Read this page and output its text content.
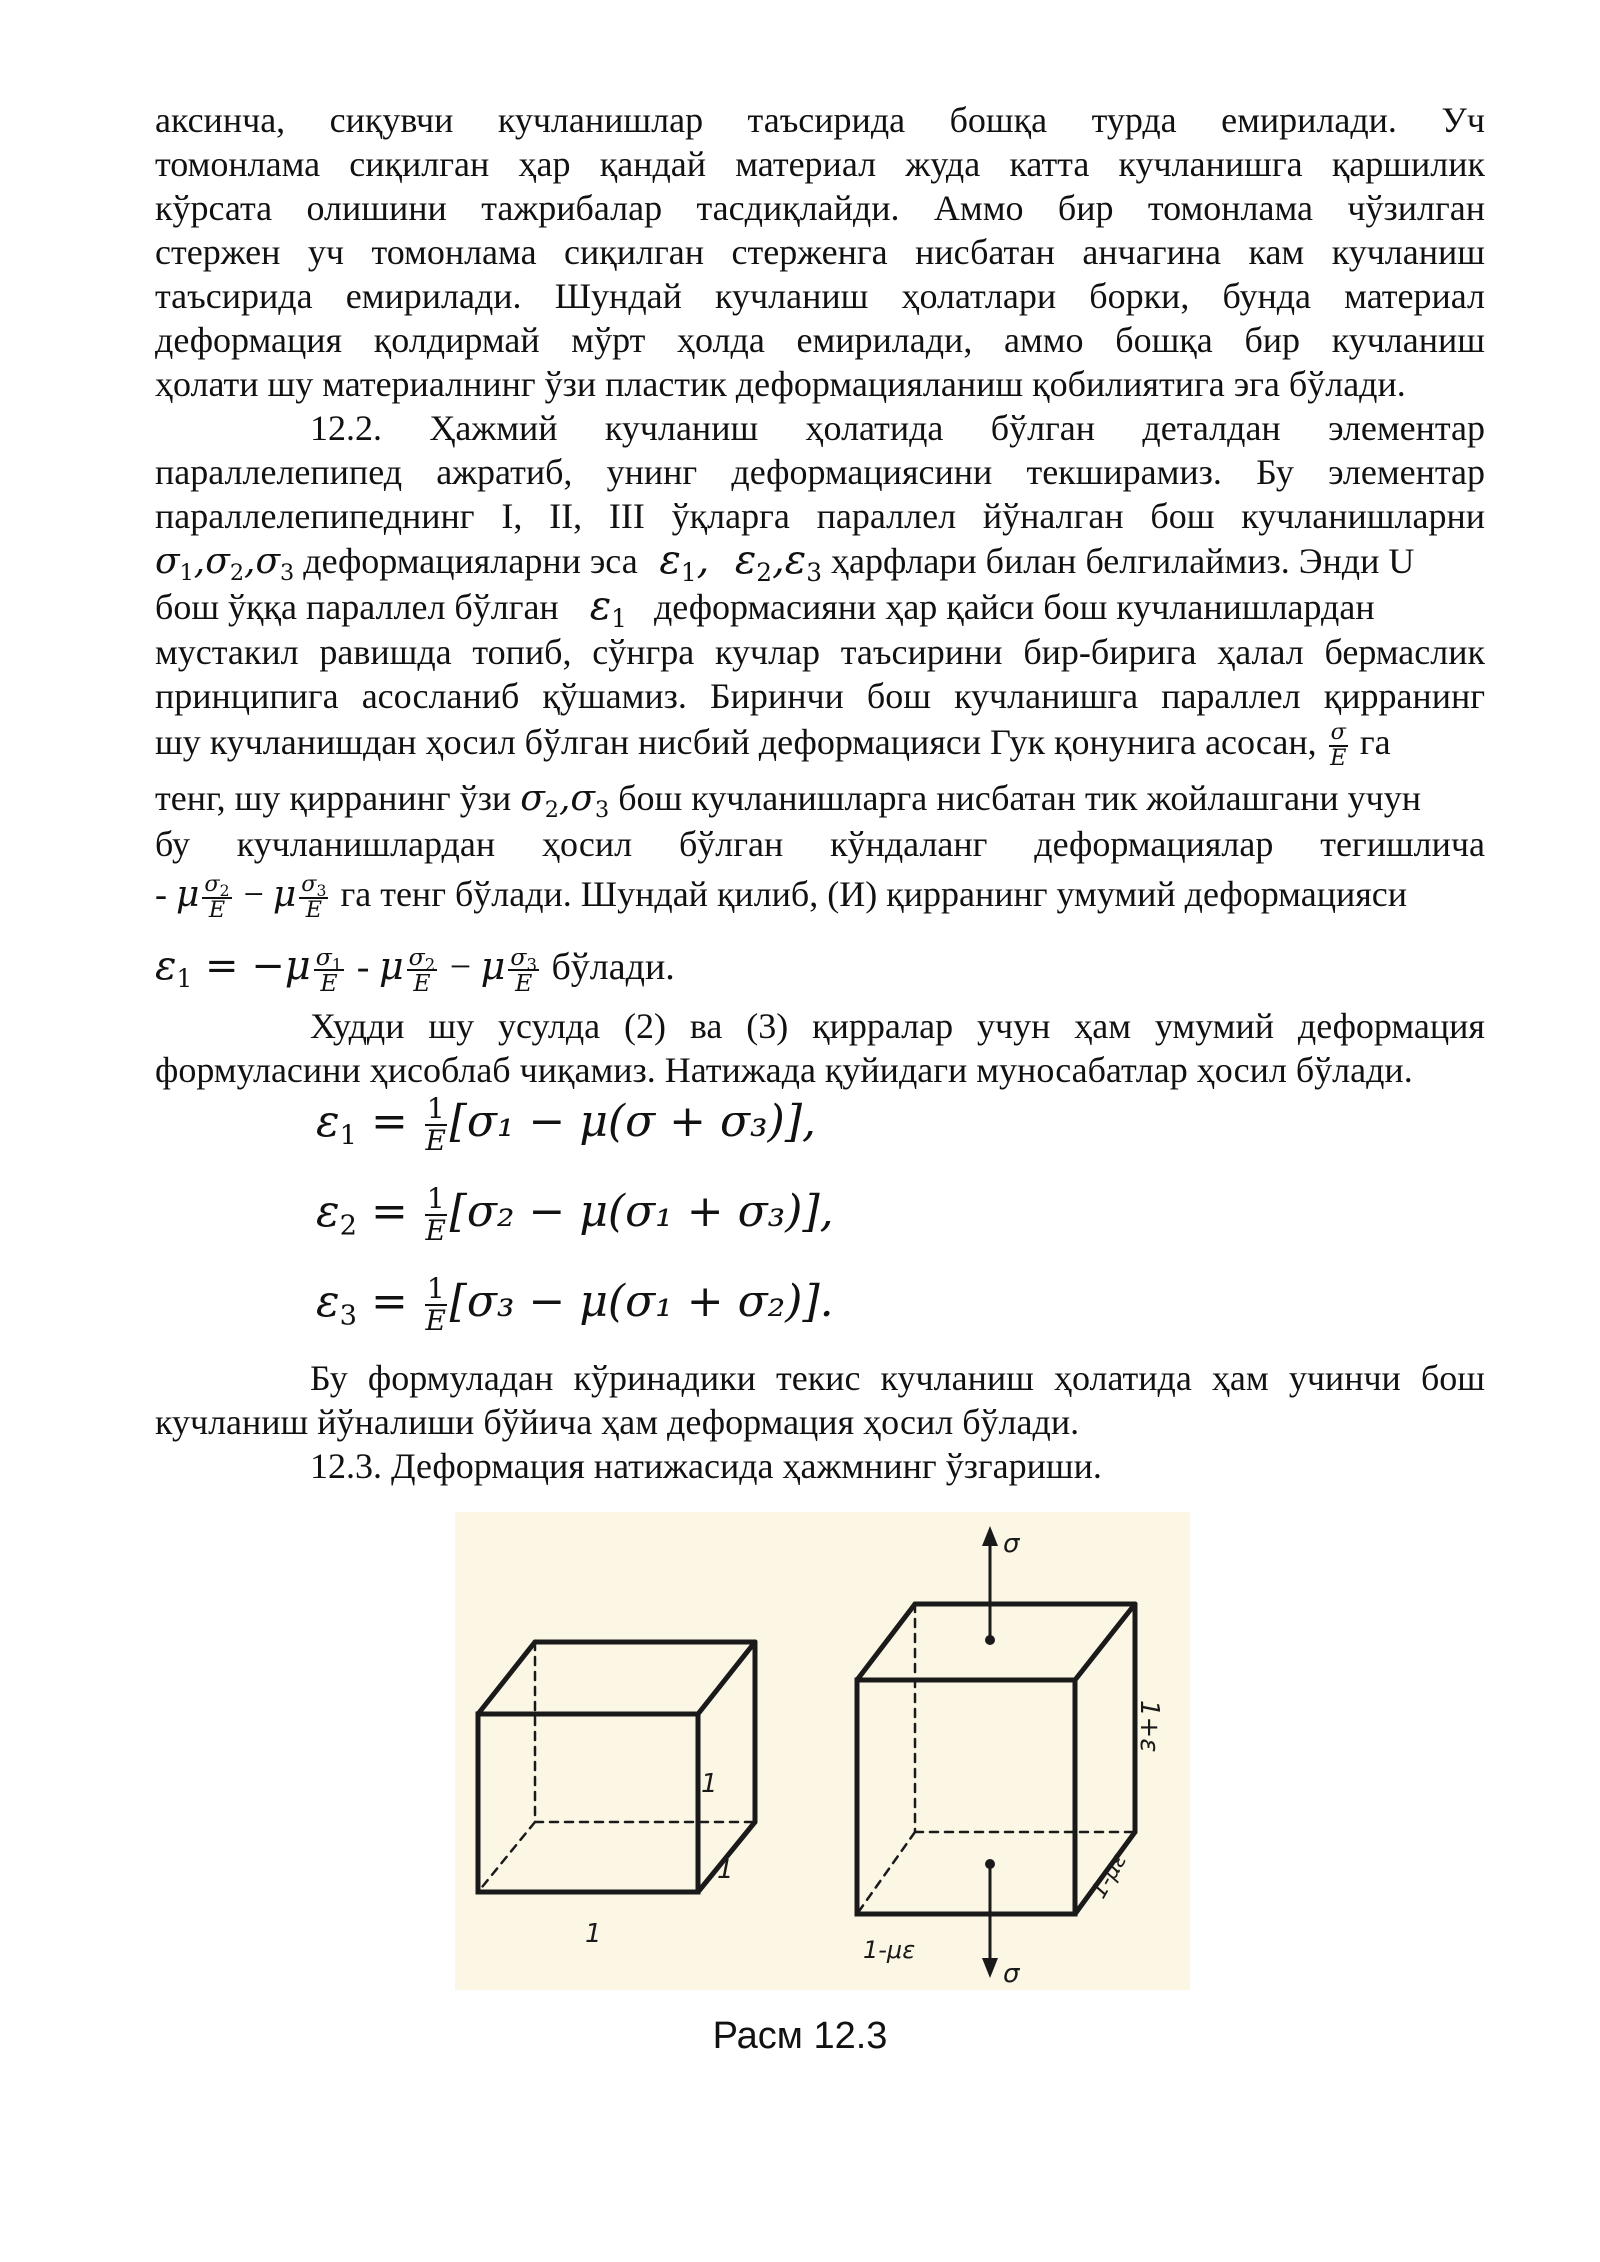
аксинча, сиқувчи кучланишлар таъсирида бошқа турда емирилади. Уч
томонлама сиқилган ҳар қандай материал жуда катта кучланишга қаршилик
кўрсата олишини тажрибалар тасдиқлайди. Аммо бир томонлама чўзилган
стержен уч томонлама сиқилган стерженга нисбатан анчагина кам кучланиш
таъсирида емирилади. Шундай кучланиш ҳолатлари борки, бунда материал
деформация қолдирмай мўрт ҳолда емирилади, аммо бошқа бир кучланиш
ҳолати шу материалнинг ўзи пластик деформацияланиш қобилиятига эга бўлади.
12.2. Ҳажмий кучланиш ҳолатида бўлган деталдан элементар
параллелепипед ажратиб, унинг деформациясини текширамиз. Бу элементар
параллелепипеднинг I, II, III ўқларга параллел йўналган бош кучланишларни
$\sigma_1,\sigma_2,\sigma_3$ деформацияларни эса  $\varepsilon_1$,  $\varepsilon_2,\varepsilon_3$ ҳарфлари билан белгилаймиз. Энди U
бош ўққа параллел бўлган $\varepsilon_1$   деформасияни ҳар қайси бош кучланишлардан
мустакил равишда топиб, сўнгра кучлар таъсирини бир-бирига ҳалал бермаслик
принципига асосланиб қўшамиз. Биринчи бош кучланишга параллел қирранинг
шу кучланишдан ҳосил бўлган нисбий деформацияси Гук қонунига асосан, $\frac{\sigma}{E}$ га
тенг, шу қирранинг ўзи $\sigma_2,\sigma_3$ бош кучланишларга нисбатан тик жойлашгани учун
бу кучланишлардан ҳосил бўлган кўндаланг деформациялар тегишлича
- μ $\frac{\sigma_2}{E} - \mu \frac{\sigma_3}{E}$ га тенг бўлади. Шундай қилиб, (И) қирранинг умумий деформацияси
$\varepsilon_1 = -\mu \frac{\sigma_1}{E} - \mu \frac{\sigma_2}{E} - \mu \frac{\sigma_3}{E}$ бўлади.
Худди шу усулда (2) ва (3) қирралар учун ҳам умумий деформация
формуласини ҳисоблаб чиқамиз. Натижада қуйидаги муносабатлар ҳосил бўлади.
$\varepsilon_1 = \frac{1}{E} [\sigma_1 - \mu(\sigma + \sigma_3)]$,
$\varepsilon_2 = \frac{1}{E} [\sigma_2 - \mu(\sigma_1 + \sigma_3)]$,
$\varepsilon_3 = \frac{1}{E} [\sigma_3 - \mu(\sigma_1 + \sigma_2)]$.
Бу формуладан кўринадики текис кучланиш ҳолатида ҳам учинчи бош
кучланиш йўналиши бўйича ҳам деформация ҳосил бўлади.
12.3. Деформация натижасида ҳажмнинг ўзгариши.
1
1
1
σ
σ
1+ε
1-με
1-με
Расм 12.3
